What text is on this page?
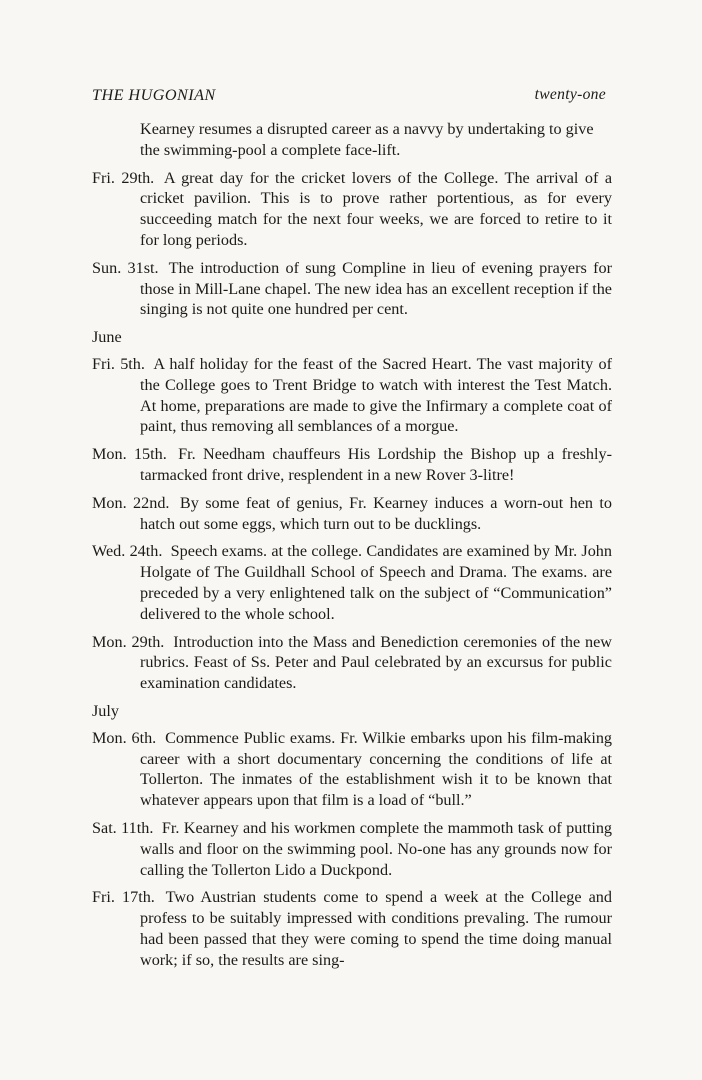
THE HUGONIAN	twenty-one
Kearney resumes a disrupted career as a navvy by undertaking to give the swimming-pool a complete face-lift.
Fri. 29th. A great day for the cricket lovers of the College. The arrival of a cricket pavilion. This is to prove rather portentious, as for every succeeding match for the next four weeks, we are forced to retire to it for long periods.
Sun. 31st. The introduction of sung Compline in lieu of evening prayers for those in Mill-Lane chapel. The new idea has an excellent reception if the singing is not quite one hundred per cent.
June
Fri. 5th. A half holiday for the feast of the Sacred Heart. The vast majority of the College goes to Trent Bridge to watch with interest the Test Match. At home, preparations are made to give the Infirmary a complete coat of paint, thus removing all semblances of a morgue.
Mon. 15th. Fr. Needham chauffeurs His Lordship the Bishop up a freshly-tarmacked front drive, resplendent in a new Rover 3-litre!
Mon. 22nd. By some feat of genius, Fr. Kearney induces a worn-out hen to hatch out some eggs, which turn out to be ducklings.
Wed. 24th. Speech exams. at the college. Candidates are examined by Mr. John Holgate of The Guildhall School of Speech and Drama. The exams. are preceded by a very enlightened talk on the subject of “Communication” delivered to the whole school.
Mon. 29th. Introduction into the Mass and Benediction ceremonies of the new rubrics. Feast of Ss. Peter and Paul celebrated by an excursus for public examination candidates.
July
Mon. 6th. Commence Public exams. Fr. Wilkie embarks upon his film-making career with a short documentary concerning the conditions of life at Tollerton. The inmates of the establishment wish it to be known that whatever appears upon that film is a load of “bull.”
Sat. 11th. Fr. Kearney and his workmen complete the mammoth task of putting walls and floor on the swimming pool. No-one has any grounds now for calling the Tollerton Lido a Duckpond.
Fri. 17th. Two Austrian students come to spend a week at the College and profess to be suitably impressed with conditions prevaling. The rumour had been passed that they were coming to spend the time doing manual work; if so, the results are sing-
